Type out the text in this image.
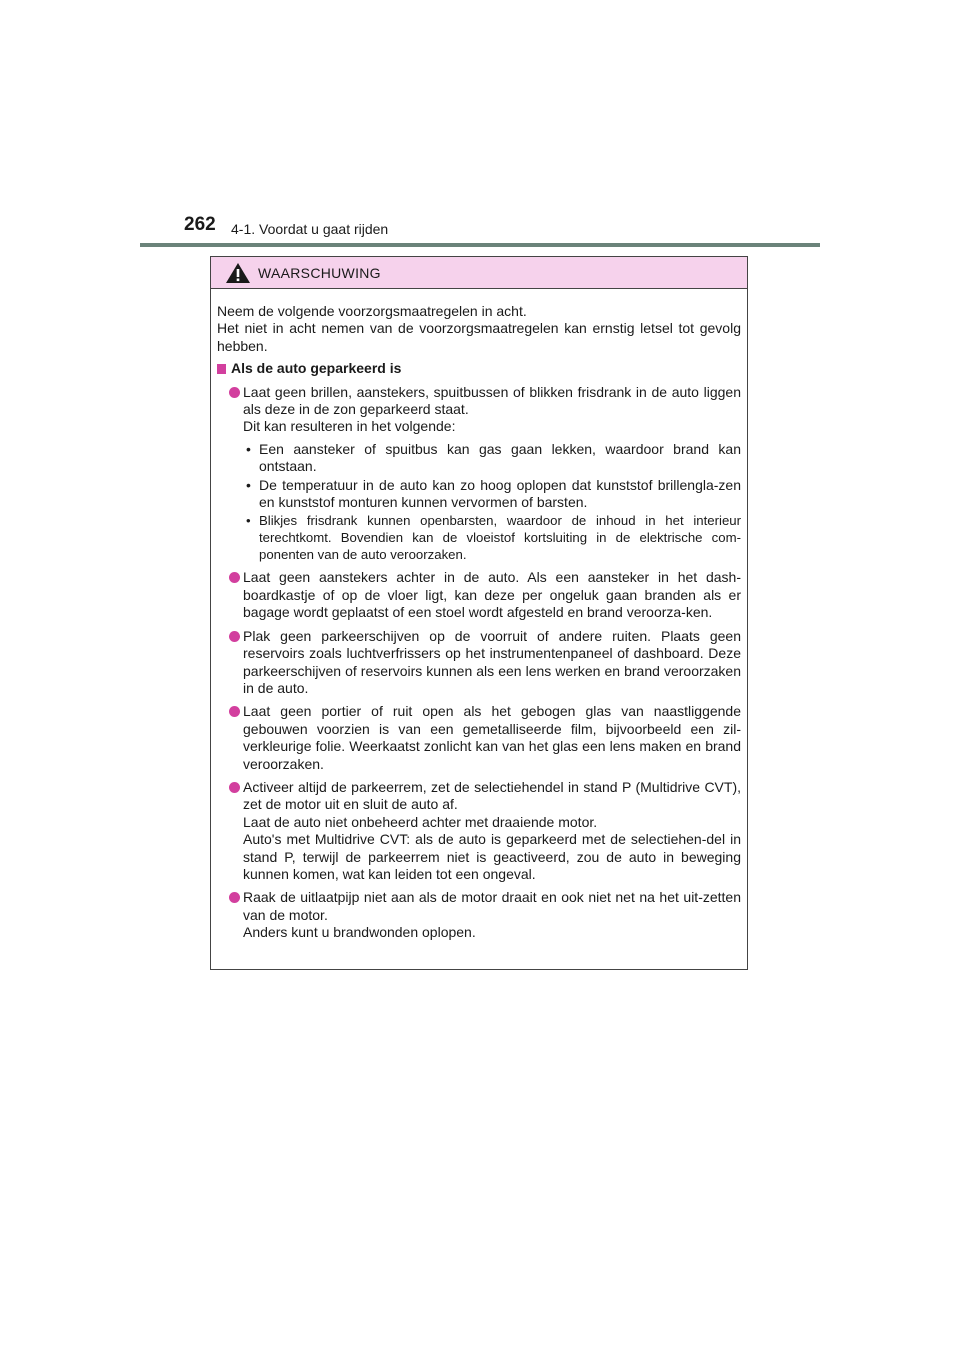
262 4-1. Voordat u gaat rijden
WAARSCHUWING

Neem de volgende voorzorgsmaatregelen in acht.

Het niet in acht nemen van de voorzorgsmaatregelen kan ernstig letsel tot gevolg hebben.

Als de auto geparkeerd is
Laat geen brillen, aanstekers, spuitbussen of blikken frisdrank in de auto liggen als deze in de zon geparkeerd staat.
Dit kan resulteren in het volgende:
• Een aansteker of spuitbus kan gas gaan lekken, waardoor brand kan ontstaan.
• De temperatuur in de auto kan zo hoog oplopen dat kunststof brillengla-zen en kunststof monturen kunnen vervormen of barsten.
• Blikjes frisdrank kunnen openbarsten, waardoor de inhoud in het interieur terechtkomt. Bovendien kan de vloeistof kortsluiting in de elektrische com-ponenten van de auto veroorzaken.
Laat geen aanstekers achter in de auto. Als een aansteker in het dash-boardkastje of op de vloer ligt, kan deze per ongeluk gaan branden als er bagage wordt geplaatst of een stoel wordt afgesteld en brand veroorza-ken.
Plak geen parkeerschijven op de voorruit of andere ruiten. Plaats geen reservoirs zoals luchtverfrissers op het instrumentenpaneel of dashboard. Deze parkeerschijven of reservoirs kunnen als een lens werken en brand veroorzaken in de auto.
Laat geen portier of ruit open als het gebogen glas van naastliggende gebouwen voorzien is van een gemetalliseerde film, bijvoorbeeld een zil-verkleurige folie. Weerkaatst zonlicht kan van het glas een lens maken en brand veroorzaken.
Activeer altijd de parkeerrem, zet de selectiehendel in stand P (Multidrive CVT), zet de motor uit en sluit de auto af.
Laat de auto niet onbeheerd achter met draaiende motor.
Auto's met Multidrive CVT: als de auto is geparkeerd met de selectiehen-del in stand P, terwijl de parkeerrem niet is geactiveerd, zou de auto in beweging kunnen komen, wat kan leiden tot een ongeval.
Raak de uitlaatpijp niet aan als de motor draait en ook niet net na het uit-zetten van de motor.
Anders kunt u brandwonden oplopen.
